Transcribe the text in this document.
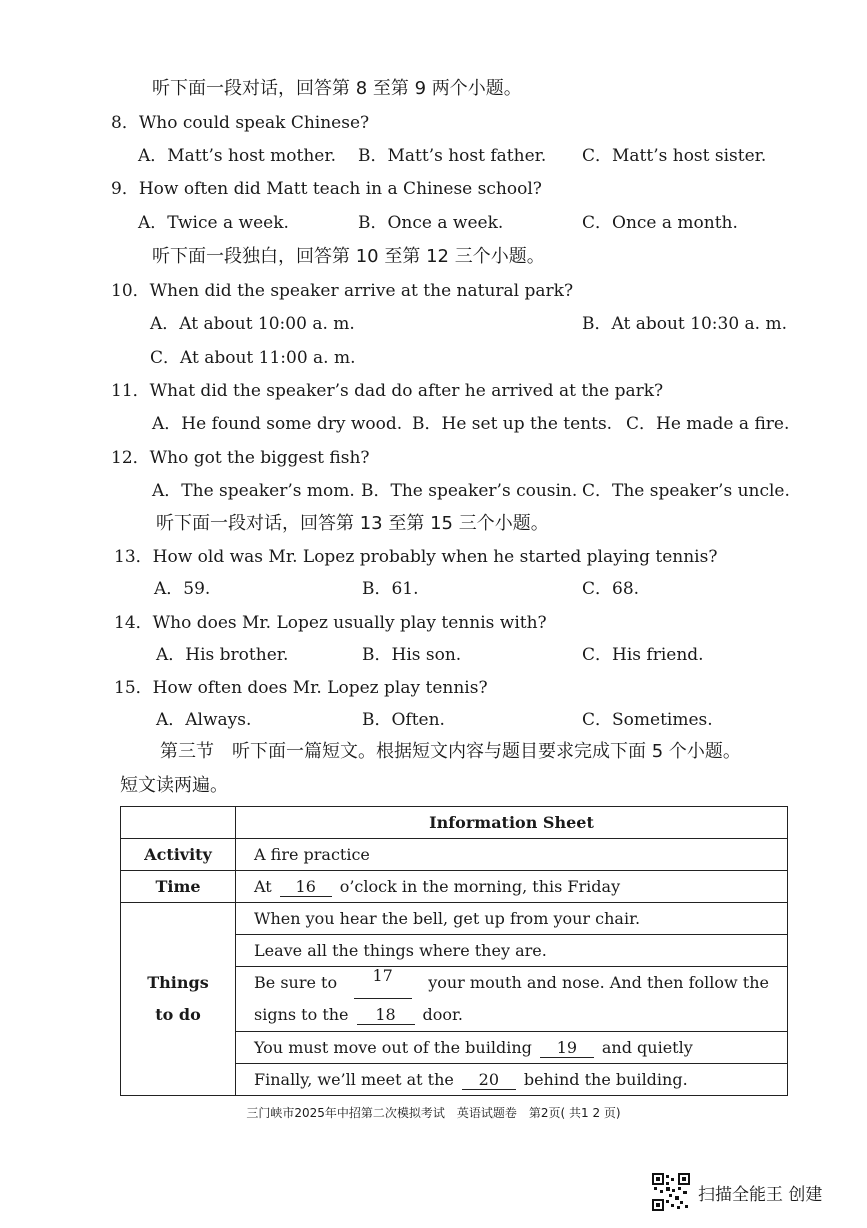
听下面一段对话，回答第 8 至第 9 两个小题。
8．Who could speak Chinese?
A．Matt’s host mother. B．Matt’s host father. C．Matt’s host sister.
9．How often did Matt teach in a Chinese school?
A．Twice a week.	B．Once a week.	C．Once a month.
听下面一段独白，回答第 10 至第 12 三个小题。
10．When did the speaker arrive at the natural park?
A．At about 10:00 a. m.	B．At about 10:30 a. m.
C．At about 11:00 a. m.
11．What did the speaker’s dad do after he arrived at the park?
A．He found some dry wood. B．He set up the tents. C．He made a fire.
12．Who got the biggest fish?
A．The speaker’s mom. B．The speaker’s cousin. C．The speaker’s uncle.
听下面一段对话，回答第 13 至第 15 三个小题。
13．How old was Mr. Lopez probably when he started playing tennis?
A．59.	B．61.	C．68.
14．Who does Mr. Lopez usually play tennis with?
A．His brother.	B．His son.	C．His friend.
15．How often does Mr. Lopez play tennis?
A．Always.	B．Often.	C．Sometimes.
第三节　听下面一篇短文。根据短文内容与题目要求完成下面 5 个小题。
短文读两遍。
	Information Sheet
Activity	A fire practice
Time	At 16 o’clock in the morning, this Friday

Things
to do	When you hear the bell, get up from your chair.
	Leave all the things where they are.

	Be sure to 17 your mouth and nose. And then follow the
signs to the 18 door.

	You must move out of the building 19 and quietly
	Finally, we’ll meet at the 20 behind the building.
三门峡市2025年中招第二次模拟考试　英语试题卷　第2页( 共1 2 页)
扫描全能王 创建
